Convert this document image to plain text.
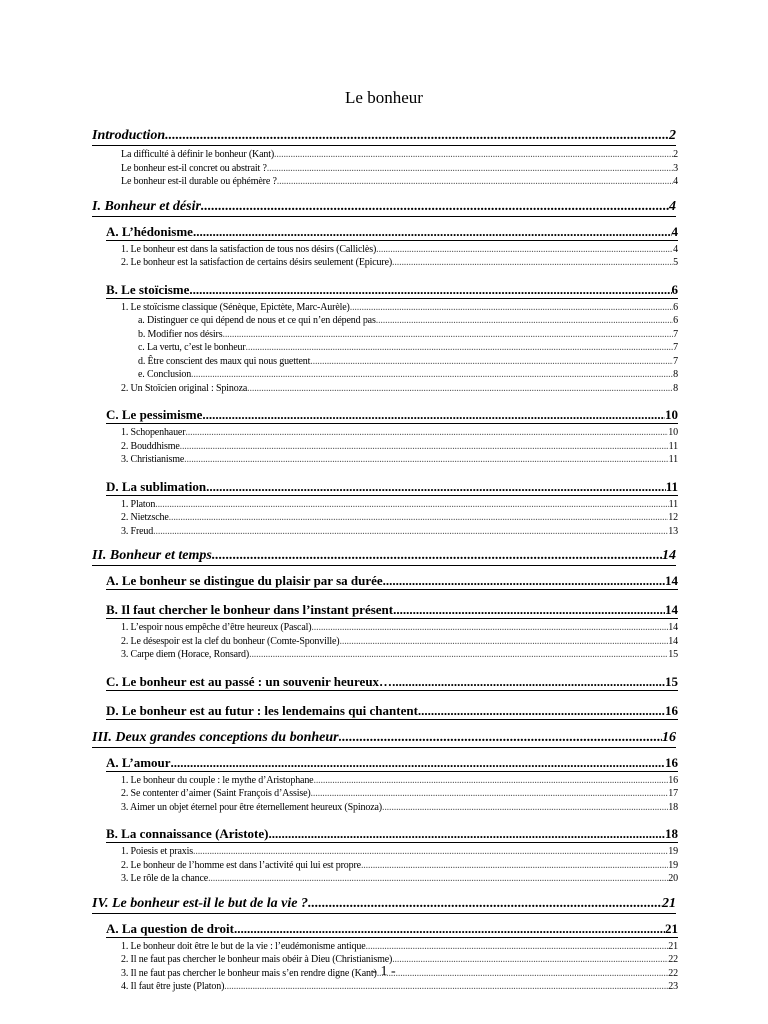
Le bonheur
Introduction .....	2
La difficulté à définir le bonheur (Kant) .....	2
Le bonheur est-il concret ou abstrait ? .....	3
Le bonheur est-il durable ou éphémère ? .....	4
I. Bonheur et désir .....	4
A. L’hédonisme .....	4
1. Le bonheur est dans la satisfaction de tous nos désirs (Calliclès) .....	4
2. Le bonheur est la satisfaction de certains désirs seulement (Epicure) .....	5
B. Le stoïcisme .....	6
1. Le stoïcisme classique (Sénèque, Epictète, Marc-Aurèle) .....	6
a. Distinguer ce qui dépend de nous et ce qui n’en dépend pas .....	6
b. Modifier nos désirs .....	7
c. La vertu, c’est le bonheur .....	7
d. Être conscient des maux qui nous guettent .....	7
e. Conclusion .....	8
2. Un Stoïcien original : Spinoza .....	8
C. Le pessimisme .....	10
1. Schopenhauer .....	10
2. Bouddhisme .....	11
3. Christianisme .....	11
D. La sublimation .....	11
1. Platon .....	11
2. Nietzsche .....	12
3. Freud .....	13
II. Bonheur et temps .....	14
A. Le bonheur se distingue du plaisir par sa durée .....	14
B. Il faut chercher le bonheur dans l’instant présent .....	14
1. L’espoir nous empêche d’être heureux (Pascal) .....	14
2. Le désespoir est la clef du bonheur (Comte-Sponville) .....	14
3. Carpe diem (Horace, Ronsard) .....	15
C. Le bonheur est au passé : un souvenir heureux… .....	15
D. Le bonheur est au futur : les lendemains qui chantent .....	16
III. Deux grandes conceptions du bonheur .....	16
A. L’amour .....	16
1. Le bonheur du couple : le mythe d’Aristophane .....	16
2. Se contenter d’aimer (Saint François d’Assise) .....	17
3. Aimer un objet éternel pour être éternellement heureux (Spinoza) .....	18
B. La connaissance (Aristote) .....	18
1. Poiesis et praxis .....	19
2. Le bonheur de l’homme est dans l’activité qui lui est propre .....	19
3. Le rôle de la chance .....	20
IV. Le bonheur est-il le but de la vie ? .....	21
A. La question de droit .....	21
1. Le bonheur doit être le but de la vie : l’eudémonisme antique .....	21
2. Il ne faut pas chercher le bonheur mais obéir à Dieu (Christianisme) .....	22
3. Il ne faut pas chercher le bonheur mais s’en rendre digne (Kant) .....	22
4. Il faut être juste (Platon) .....	23
- 1 -
